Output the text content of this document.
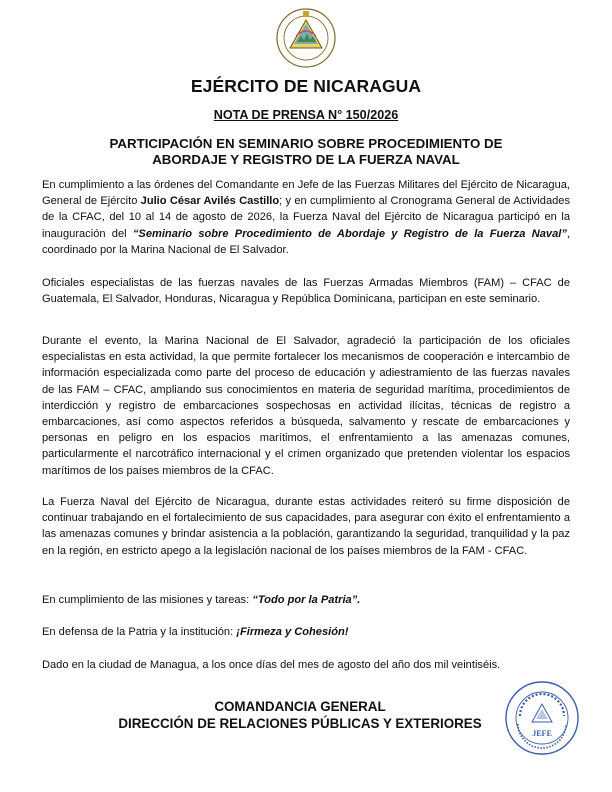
EJÉRCITO DE NICARAGUA
NOTA DE PRENSA N° 150/2026
PARTICIPACIÓN EN SEMINARIO SOBRE PROCEDIMIENTO DE
ABORDAJE Y REGISTRO DE LA FUERZA NAVAL

En cumplimiento a las órdenes del Comandante en Jefe de las Fuerzas Militares del Ejército de Nicaragua, General de Ejército Julio César Avilés Castillo; y en cumplimiento al Cronograma General de Actividades de la CFAC, del 10 al 14 de agosto de 2026, la Fuerza Naval del Ejército de Nicaragua participó en la inauguración del “Seminario sobre Procedimiento de Abordaje y Registro de la Fuerza Naval”, coordinado por la Marina Nacional de El Salvador.

Oficiales especialistas de las fuerzas navales de las Fuerzas Armadas Miembros (FAM) – CFAC de Guatemala, El Salvador, Honduras, Nicaragua y República Dominicana, participan en este seminario.

Durante el evento, la Marina Nacional de El Salvador, agradeció la participación de los oficiales especialistas en esta actividad, la que permite fortalecer los mecanismos de cooperación e intercambio de información especializada como parte del proceso de educación y adiestramiento de las fuerzas navales de las FAM – CFAC, ampliando sus conocimientos en materia de seguridad marítima, procedimientos de interdicción y registro de embarcaciones sospechosas en actividad ilícitas, técnicas de registro a embarcaciones, así como aspectos referidos a búsqueda, salvamento y rescate de embarcaciones y personas en peligro en los espacios marítimos, el enfrentamiento a las amenazas comunes, particularmente el narcotráfico internacional y el crimen organizado que pretenden violentar los espacios marítimos de los países miembros de la CFAC.

La Fuerza Naval del Ejército de Nicaragua, durante estas actividades reiteró su firme disposición de continuar trabajando en el fortalecimiento de sus capacidades, para asegurar con éxito el enfrentamiento a las amenazas comunes y brindar asistencia a la población, garantizando la seguridad, tranquilidad y la paz en la región, en estricto apego a la legislación nacional de los países miembros de la FAM - CFAC.

En cumplimiento de las misiones y tareas: “Todo por la Patria”.
En defensa de la Patria y la institución: ¡Firmeza y Cohesión!
Dado en la ciudad de Managua, a los once días del mes de agosto del año dos mil veintiséis.
COMANDANCIA GENERAL
DIRECCIÓN DE RELACIONES PÚBLICAS Y EXTERIORES
JEFE
